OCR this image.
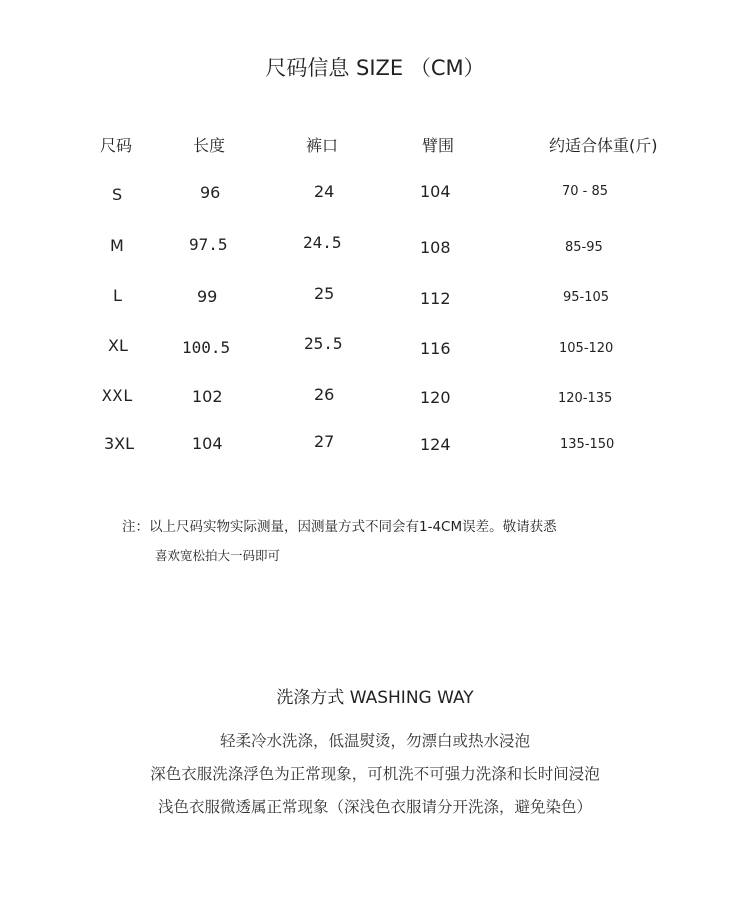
尺码信息 SIZE （CM）
尺码	长度	裤口	臂围	约适合体重(斤)
S	96	24	104	70 - 85
M	97.5	24.5	108	85-95
L	99	25	112	95-105
XL	100.5	25.5	116	105-120
XXL	102	26	120	120-135
3XL	104	27	124	135-150
注：以上尺码实物实际测量，因测量方式不同会有1-4CM误差。敬请获悉
喜欢宽松拍大一码即可
洗涤方式 WASHING WAY
轻柔冷水洗涤，低温熨烫，勿漂白或热水浸泡
深色衣服洗涤浮色为正常现象，可机洗不可强力洗涤和长时间浸泡
浅色衣服微透属正常现象（深浅色衣服请分开洗涤，避免染色）
